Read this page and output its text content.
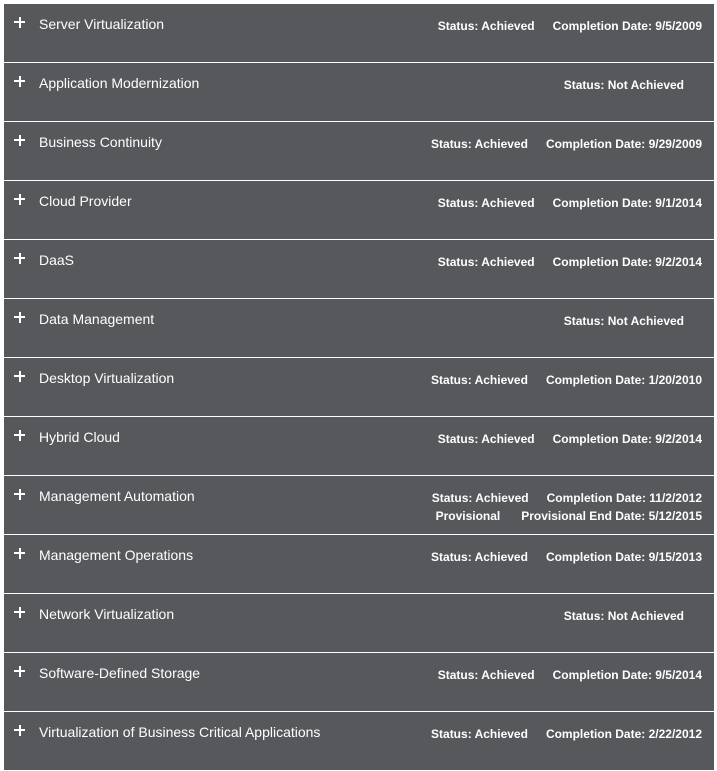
Server Virtualization	Status: Achieved Completion Date: 9/5/2009
Application Modernization	Status: Not Achieved
Business Continuity	Status: Achieved Completion Date: 9/29/2009
Cloud Provider	Status: Achieved Completion Date: 9/1/2014
DaaS	Status: Achieved Completion Date: 9/2/2014
Data Management	Status: Not Achieved
Desktop Virtualization	Status: Achieved Completion Date: 1/20/2010
Hybrid Cloud	Status: Achieved Completion Date: 9/2/2014
Management Automation	Status: Achieved Completion Date: 11/2/2012
Provisional Provisional End Date: 5/12/2015
Management Operations	Status: Achieved Completion Date: 9/15/2013
Network Virtualization	Status: Not Achieved
Software-Defined Storage	Status: Achieved Completion Date: 9/5/2014
Virtualization of Business Critical Applications	Status: Achieved Completion Date: 2/22/2012
